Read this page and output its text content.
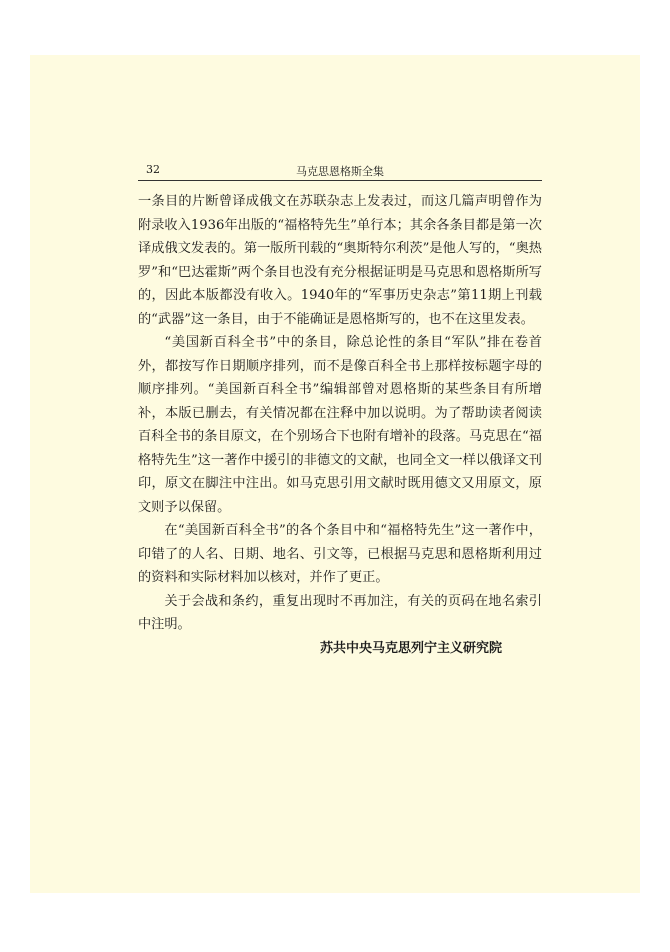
32	马克思恩格斯全集

一条目的片断曾译成俄文在苏联杂志上发表过，而这几篇声明曾作为附录收入1936年出版的“福格特先生”单行本；其余各条目都是第一次译成俄文发表的。第一版所刊载的“奥斯特尔利茨”是他人写的，“奥热罗”和“巴达霍斯”两个条目也没有充分根据证明是马克思和恩格斯所写的，因此本版都没有收入。1940年的“军事历史杂志”第11期上刊载的“武器”这一条目，由于不能确证是恩格斯写的，也不在这里发表。

“美国新百科全书”中的条目，除总论性的条目“军队”排在卷首外，都按写作日期顺序排列，而不是像百科全书上那样按标题字母的顺序排列。“美国新百科全书”编辑部曾对恩格斯的某些条目有所增补，本版已删去，有关情况都在注释中加以说明。为了帮助读者阅读百科全书的条目原文，在个别场合下也附有增补的段落。马克思在“福格特先生”这一著作中援引的非德文的文献，也同全文一样以俄译文刊印，原文在脚注中注出。如马克思引用文献时既用德文又用原文，原文则予以保留。

在“美国新百科全书”的各个条目中和“福格特先生”这一著作中，印错了的人名、日期、地名、引文等，已根据马克思和恩格斯利用过的资料和实际材料加以核对，并作了更正。

关于会战和条约，重复出现时不再加注，有关的页码在地名索引中注明。

苏共中央马克思列宁主义研究院
